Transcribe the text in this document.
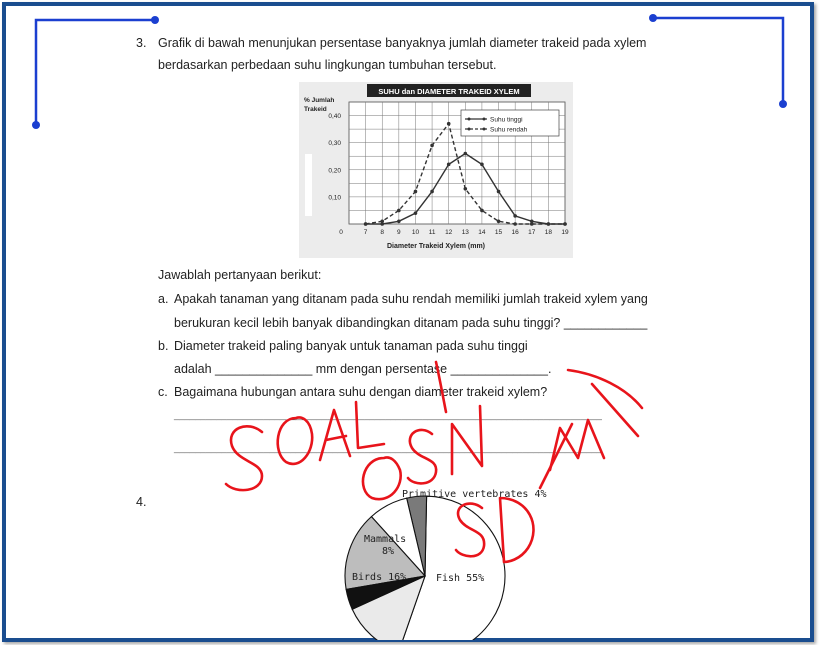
3. Grafik di bawah menunjukan persentase banyaknya jumlah diameter trakeid pada xylem
berdasarkan perbedaan suhu lingkungan tumbuhan tersebut.
SUHU dan DIAMETER TRAKEID XYLEM
% Jumlah Trakeid
Diameter Trakeid Xylem (mm)
0,10
0,20
0,30
0,40
0	7 8 9 10 11 12 13 14 15 16 17 18 19
Suhu tinggi
Suhu rendah
Jawablah pertanyaan berikut:
a. Apakah tanaman yang ditanam pada suhu rendah memiliki jumlah trakeid xylem yang
berukuran kecil lebih banyak dibandingkan ditanam pada suhu tinggi? ____________
b. Diameter trakeid paling banyak untuk tanaman pada suhu tinggi
adalah ______________ mm dengan persentase ______________.
c. Bagaimana hubungan antara suhu dengan diameter trakeid xylem?
_________________________________________________________________________________
_________________________________________________________________________________
4.
Primitive vertebrates 4%
Mammals
8%
Birds 16%	Fish 55%
